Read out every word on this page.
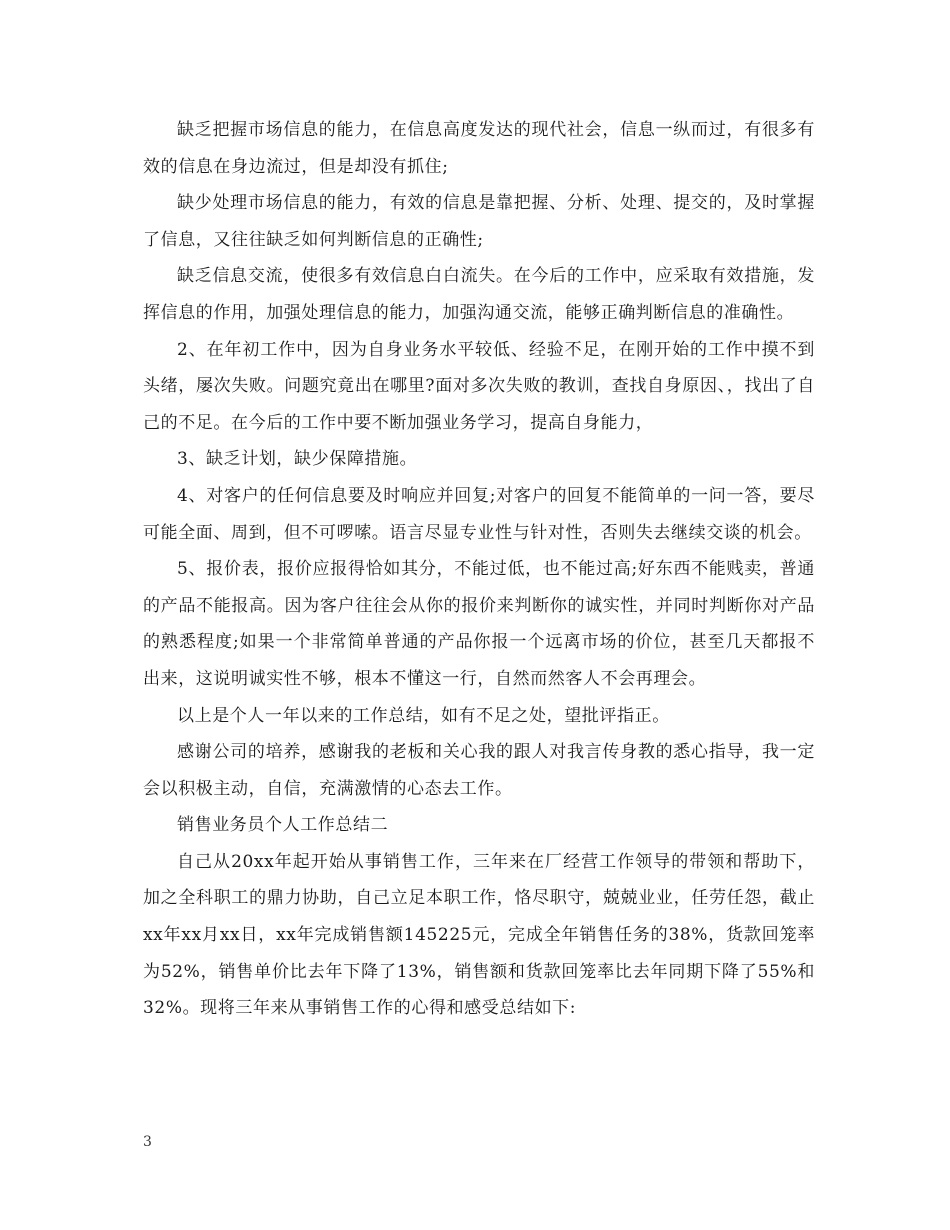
缺乏把握市场信息的能力，在信息高度发达的现代社会，信息一纵而过，有很多有效的信息在身边流过，但是却没有抓住;

缺少处理市场信息的能力，有效的信息是靠把握、分析、处理、提交的，及时掌握了信息，又往往缺乏如何判断信息的正确性;

缺乏信息交流，使很多有效信息白白流失。在今后的工作中，应采取有效措施，发挥信息的作用，加强处理信息的能力，加强沟通交流，能够正确判断信息的准确性。

2、在年初工作中，因为自身业务水平较低、经验不足，在刚开始的工作中摸不到头绪，屡次失败。问题究竟出在哪里?面对多次失败的教训，查找自身原因、，找出了自己的不足。在今后的工作中要不断加强业务学习，提高自身能力，

3、缺乏计划，缺少保障措施。

4、对客户的任何信息要及时响应并回复;对客户的回复不能简单的一问一答，要尽可能全面、周到，但不可啰嗦。语言尽显专业性与针对性，否则失去继续交谈的机会。

5、报价表，报价应报得恰如其分，不能过低，也不能过高;好东西不能贱卖，普通的产品不能报高。因为客户往往会从你的报价来判断你的诚实性，并同时判断你对产品的熟悉程度;如果一个非常简单普通的产品你报一个远离市场的价位，甚至几天都报不出来，这说明诚实性不够，根本不懂这一行，自然而然客人不会再理会。

以上是个人一年以来的工作总结，如有不足之处，望批评指正。

感谢公司的培养，感谢我的老板和关心我的跟人对我言传身教的悉心指导，我一定会以积极主动，自信，充满激情的心态去工作。

销售业务员个人工作总结二

自己从20xx年起开始从事销售工作，三年来在厂经营工作领导的带领和帮助下，加之全科职工的鼎力协助，自己立足本职工作，恪尽职守，兢兢业业，任劳任怨，截止xx年xx月xx日，xx年完成销售额145225元，完成全年销售任务的38%，货款回笼率为52%，销售单价比去年下降了13%，销售额和货款回笼率比去年同期下降了55%和32%。现将三年来从事销售工作的心得和感受总结如下:

3
